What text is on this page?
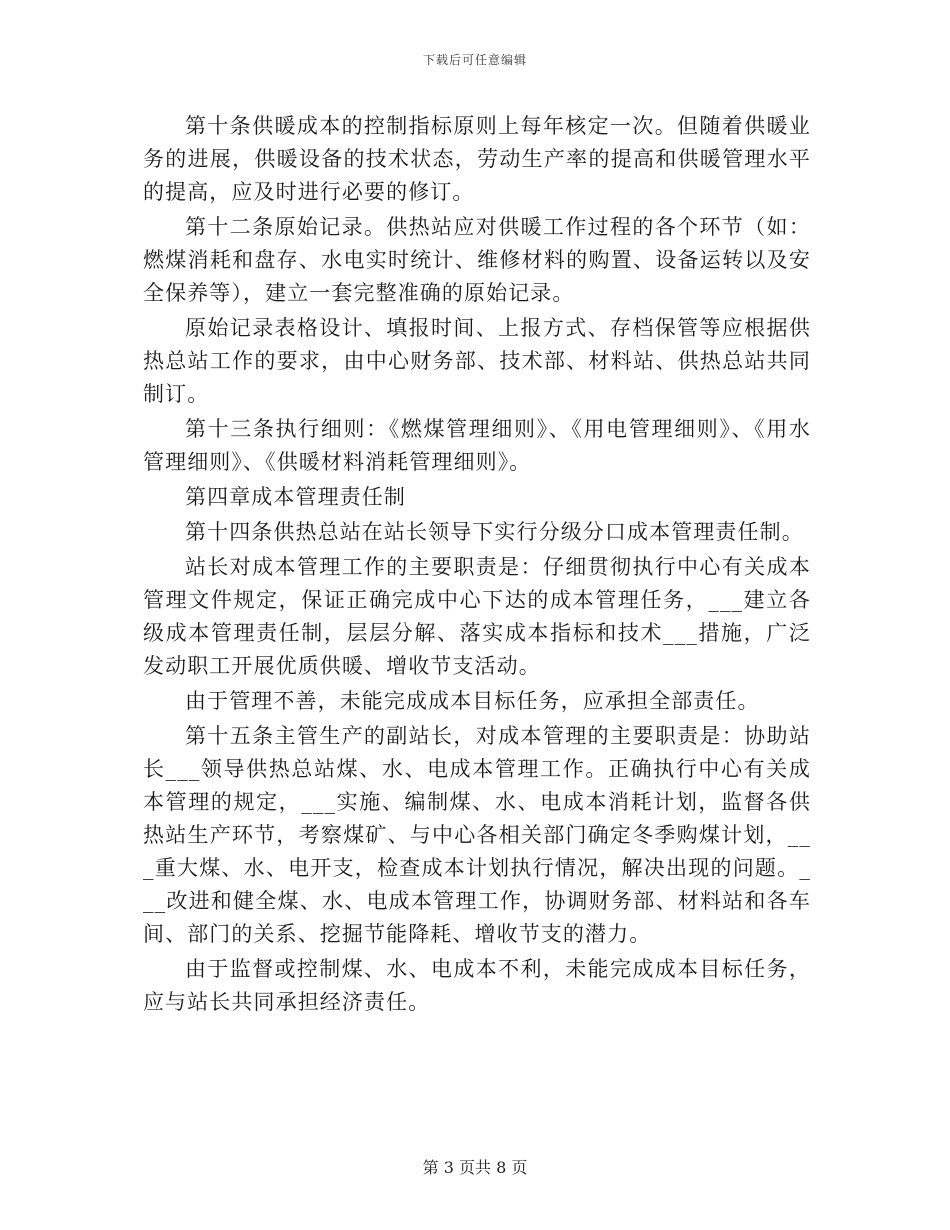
下载后可任意编辑

第十条供暖成本的控制指标原则上每年核定一次。但随着供暖业务的进展，供暖设备的技术状态，劳动生产率的提高和供暖管理水平的提高，应及时进行必要的修订。

第十二条原始记录。供热站应对供暖工作过程的各个环节（如：燃煤消耗和盘存、水电实时统计、维修材料的购置、设备运转以及安全保养等），建立一套完整准确的原始记录。

原始记录表格设计、填报时间、上报方式、存档保管等应根据供热总站工作的要求，由中心财务部、技术部、材料站、供热总站共同制订。

第十三条执行细则：《燃煤管理细则》、《用电管理细则》、《用水管理细则》、《供暖材料消耗管理细则》。

第四章成本管理责任制

第十四条供热总站在站长领导下实行分级分口成本管理责任制。

站长对成本管理工作的主要职责是：仔细贯彻执行中心有关成本管理文件规定，保证正确完成中心下达的成本管理任务，___建立各级成本管理责任制，层层分解、落实成本指标和技术___措施，广泛发动职工开展优质供暖、增收节支活动。

由于管理不善，未能完成成本目标任务，应承担全部责任。

第十五条主管生产的副站长，对成本管理的主要职责是：协助站长___领导供热总站煤、水、电成本管理工作。正确执行中心有关成本管理的规定，___实施、编制煤、水、电成本消耗计划，监督各供热站生产环节，考察煤矿、与中心各相关部门确定冬季购煤计划，___重大煤、水、电开支，检查成本计划执行情况，解决出现的问题。___改进和健全煤、水、电成本管理工作，协调财务部、材料站和各车间、部门的关系、挖掘节能降耗、增收节支的潜力。

由于监督或控制煤、水、电成本不利，未能完成成本目标任务，应与站长共同承担经济责任。

第 3 页共 8 页
